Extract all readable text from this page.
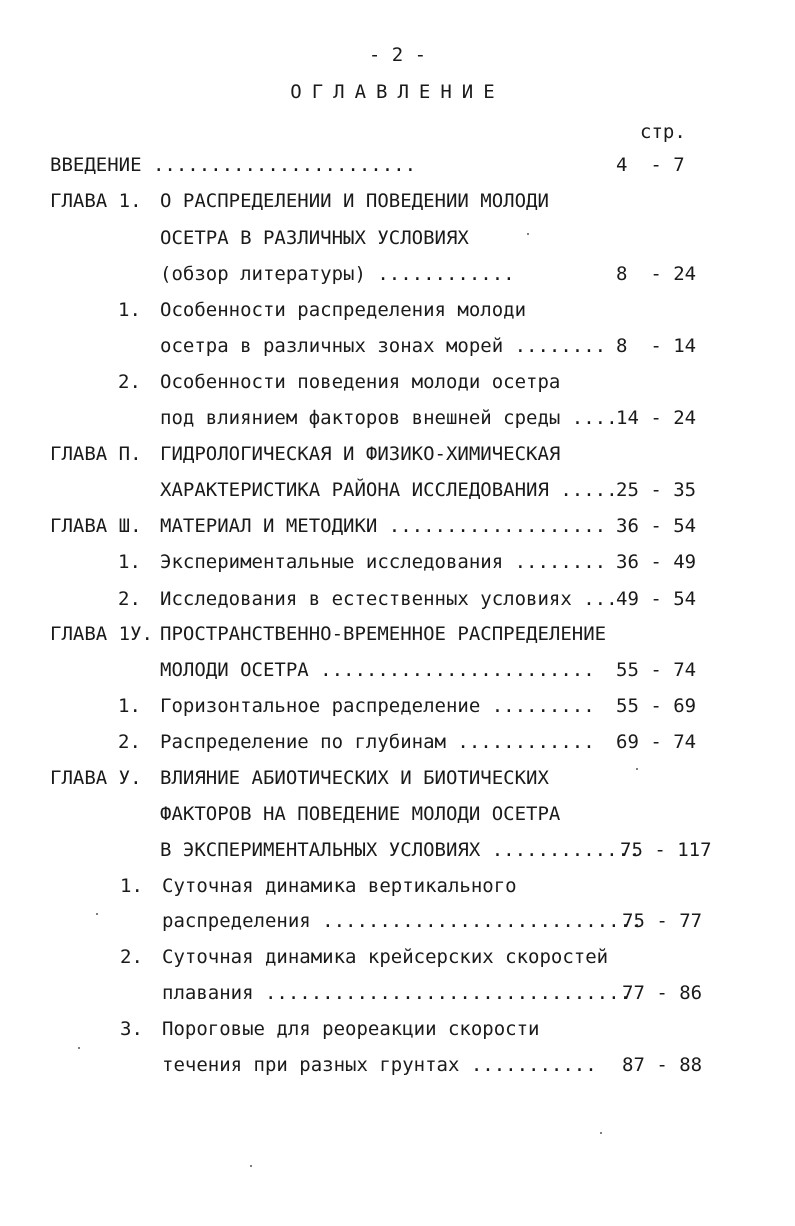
- 2 -
ОГЛАВЛЕНИЕ
стр.
ВВЕДЕНИЕ .......................	4  - 7
ГЛАВА 1. О РАСПРЕДЕЛЕНИИ И ПОВЕДЕНИИ МОЛОДИ
ОСЕТРА В РАЗЛИЧНЫХ УСЛОВИЯХ
(обзор литературы) ............	8  - 24
1. Особенности распределения молоди
осетра в различных зонах морей ........ 8  - 14
2. Особенности поведения молоди осетра
под влиянием факторов внешней среды ....
14 - 24
ГЛАВА П. ГИДРОЛОГИЧЕСКАЯ И ФИЗИКО-ХИМИЧЕСКАЯ
ХАРАКТЕРИСТИКА РАЙОНА ИССЛЕДОВАНИЯ .....
25 - 35
ГЛАВА Ш. МАТЕРИАЛ И МЕТОДИКИ ................... 36 - 54
1. Экспериментальные исследования ........ 36 - 49
2. Исследования в естественных условиях ...
49 - 54
ГЛАВА 1У. ПРОСТРАНСТВЕННО-ВРЕМЕННОЕ РАСПРЕДЕЛЕНИЕ
МОЛОДИ ОСЕТРА ........................ 55 - 74
1. Горизонтальное распределение ......... 55 - 69
2. Распределение по глубинам ............ 69 - 74
ГЛАВА У. ВЛИЯНИЕ АБИОТИЧЕСКИХ И БИОТИЧЕСКИХ
ФАКТОРОВ НА ПОВЕДЕНИЕ МОЛОДИ ОСЕТРА
В ЭКСПЕРИМЕНТАЛЬНЫХ УСЛОВИЯХ .............
75 - 117
1. Суточная динамика вертикального
распределения ............................
75 - 77
2. Суточная динамика крейсерских скоростей
плавания ................................
77 - 86
3. Пороговые для реореакции скорости
течения при разных грунтах ........... 87 - 88
